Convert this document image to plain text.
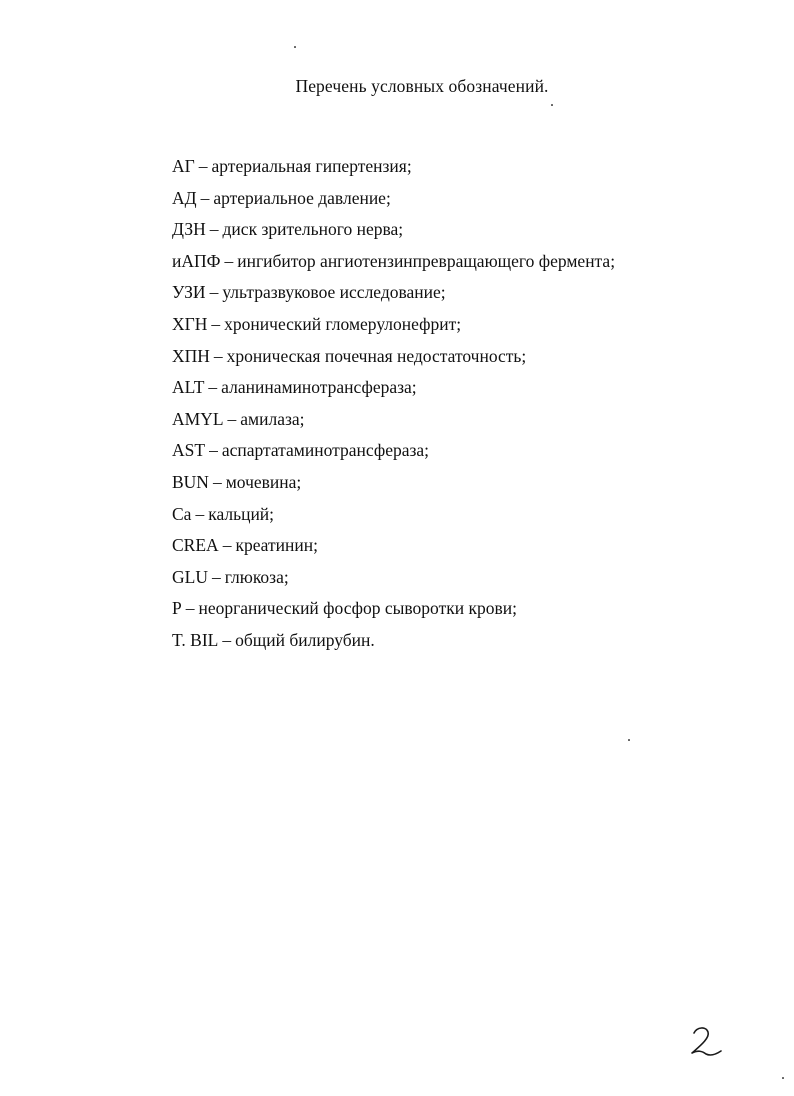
Перечень условных обозначений.
АГ – артериальная гипертензия;
АД – артериальное давление;
ДЗН – диск зрительного нерва;
иАПФ – ингибитор ангиотензинпревращающего фермента;
УЗИ – ультразвуковое исследование;
ХГН – хронический гломерулонефрит;
ХПН – хроническая почечная недостаточность;
ALT – аланинаминотрансфераза;
AMYL – амилаза;
AST – аспартатаминотрансфераза;
BUN – мочевина;
Ca – кальций;
CREA – креатинин;
GLU – глюкоза;
P – неорганический фосфор сыворотки крови;
T. BIL – общий билирубин.
